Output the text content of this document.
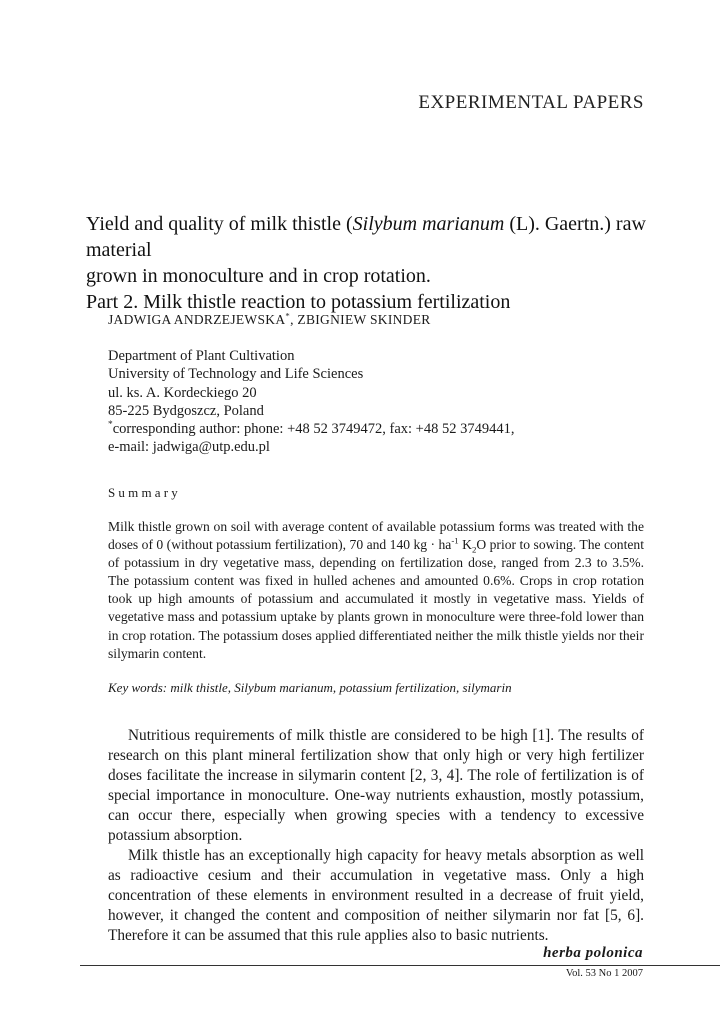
EXPERIMENTAL PAPERS

Yield and quality of milk thistle (Silybum marianum (L). Gaertn.) raw material

grown in monoculture and in crop rotation.

Part 2. Milk thistle reaction to potassium fertilization

JADWIGA ANDRZEJEWSKA*, ZBIGNIEW SKINDER
Department of Plant Cultivation
University of Technology and Life Sciences
ul. ks. A. Kordeckiego 20
85-225 Bydgoszcz, Poland
*corresponding author: phone: +48 52 3749472, fax: +48 52 3749441,
e-mail: jadwiga@utp.edu.pl
Summary

Milk thistle grown on soil with average content of available potassium forms was treated with the doses of 0 (without potassium fertilization), 70 and 140 kg · $ha^{-1}$ $K_2O$ prior to sowing. The content of potassium in dry vegetative mass, depending on fertilization dose, ranged from 2.3 to 3.5%. The potassium content was fixed in hulled achenes and amounted 0.6%. Crops in crop rotation took up high amounts of potassium and accumulated it mostly in vegetative mass. Yields of vegetative mass and potassium uptake by plants grown in monoculture were three-fold lower than in crop rotation. The potassium doses applied differentiated neither the milk thistle yields nor their silymarin content.

Key words: milk thistle, Silybum marianum, potassium fertilization, silymarin

Nutritious requirements of milk thistle are considered to be high [1]. The results of research on this plant mineral fertilization show that only high or very high fertilizer doses facilitate the increase in silymarin content [2, 3, 4]. The role of fertilization is of special importance in monoculture. One-way nutrients exhaustion, mostly potassium, can occur there, especially when growing species with a tendency to excessive potassium absorption.

Milk thistle has an exceptionally high capacity for heavy metals absorption as well as radioactive cesium and their accumulation in vegetative mass. Only a high concentration of these elements in environment resulted in a decrease of fruit yield, however, it changed the content and composition of neither silymarin nor fat [5, 6]. Therefore it can be assumed that this rule applies also to basic nutrients.

herba polonica
Vol. 53 No 1 2007
